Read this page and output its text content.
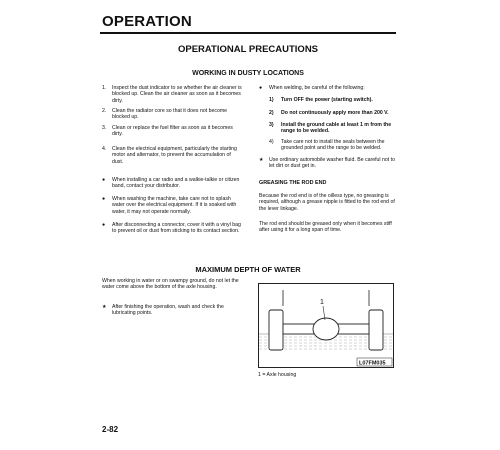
OPERATION
OPERATIONAL PRECAUTIONS
WORKING IN DUSTY LOCATIONS
1. Inspect the dust indicator to se whether the air cleaner is blocked up. Clean the air cleaner as soon as it becomes dirty.
2. Clean the radiator core so that it does not become blocked up.
3. Clean or replace the fuel filter as soon as it becomes dirty.
4. Clean the electrical equipment, particularly the starting motor and alternator, to prevent the accumulation of dust.
● When installing a car radio and a walkie-talkie or citizen band, contact your distributor.
● When washing the machine, take care not to splash water over the electrical equipment. If it is soaked with water, it may not operate normally.
● After disconnecting a connector, cover it with a vinyl bag to prevent oil or dust from sticking to its contact section.
● When welding, be careful of the following:
1) Turn OFF the power (starting switch).
2) Do not continuously apply more than 200 V.
3) Install the ground cable at least 1 m from the range to be welded.
4) Take care not to install the seals between the grounded point and the range to be welded.
★ Use ordinary automobile washer fluid. Be careful not to let dirt or dust get in.
GREASING THE ROD END
Because the rod end is of the oilless type, no greasing is required, although a grease nipple is fitted to the rod end of the lever linkage.
The rod end should be greased only when it becomes stiff after using it for a long span of time.
MAXIMUM DEPTH OF WATER
When working in water or on swampy ground, do not let the water come above the bottom of the axle housing.
★ After finishing the operation, wash and check the lubricating points.
1
L07FM035
1 = Axle housing
2-82
